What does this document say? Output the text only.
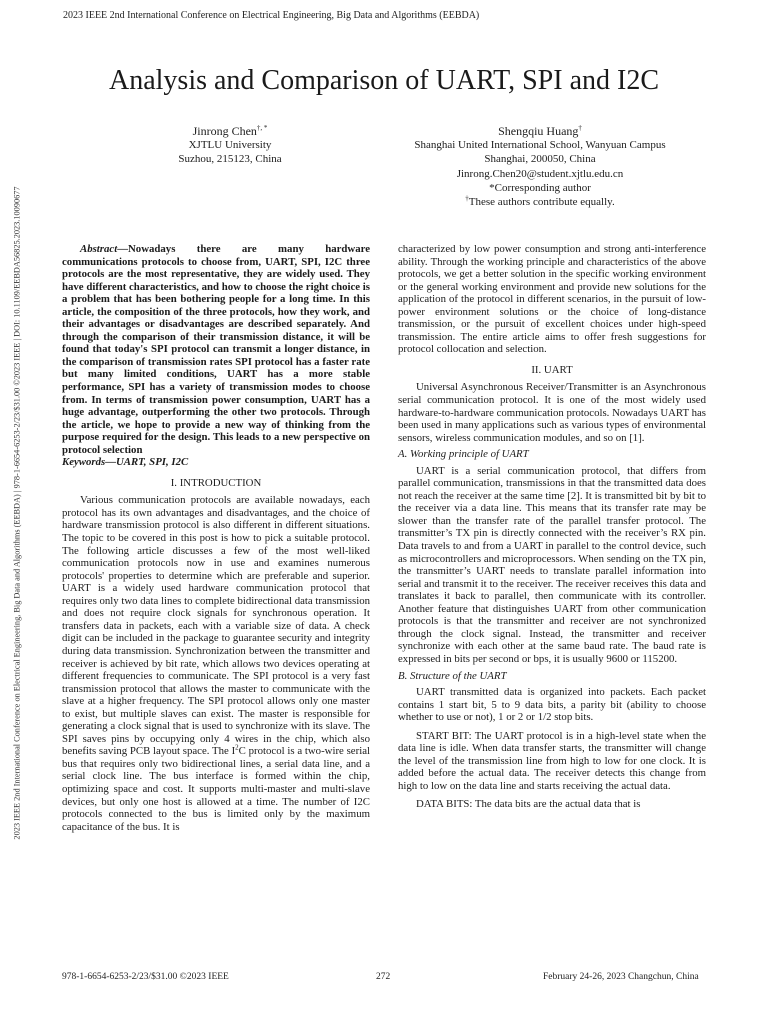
2023 IEEE 2nd International Conference on Electrical Engineering, Big Data and Algorithms (EEBDA)
2023 IEEE 2nd International Conference on Electrical Engineering, Big Data and Algorithms (EEBDA) | 978-1-6654-6253-2/23/$31.00 ©2023 IEEE | DOI: 10.1109/EEBDA56825.2023.10090677
Analysis and Comparison of UART, SPI and I2C
Jinrong Chen†, *
XJTLU University
Suzhou, 215123, China
Shengqiu Huang†
Shanghai United International School, Wanyuan Campus
Shanghai, 200050, China
Jinrong.Chen20@student.xjtlu.edu.cn
*Corresponding author
†These authors contribute equally.

Abstract—Nowadays there are many hardware communications protocols to choose from, UART, SPI, I2C three protocols are the most representative, they are widely used. They have different characteristics, and how to choose the right choice is a problem that has been bothering people for a long time. In this article, the composition of the three protocols, how they work, and their advantages or disadvantages are described separately. And through the comparison of their transmission distance, it will be found that today's SPI protocol can transmit a longer distance, in the comparison of transmission rates SPI protocol has a faster rate but many limited conditions, UART has a more stable performance, SPI has a variety of transmission modes to choose from. In terms of transmission power consumption, UART has a huge advantage, outperforming the other two protocols. Through the article, we hope to provide a new way of thinking from the purpose required for the design. This leads to a new perspective on protocol selection

Keywords—UART, SPI, I2C

I. INTRODUCTION

Various communication protocols are available nowadays, each protocol has its own advantages and disadvantages, and the choice of hardware transmission protocol is also different in different situations. The topic to be covered in this post is how to pick a suitable protocol. The following article discusses a few of the most well-liked communication protocols now in use and examines numerous protocols' properties to determine which are preferable and superior. UART is a widely used hardware communication protocol that requires only two data lines to complete bidirectional data transmission and does not require clock signals for synchronous operation. It transfers data in packets, each with a variable size of data. A check digit can be included in the package to guarantee security and integrity during data transmission. Synchronization between the transmitter and receiver is achieved by bit rate, which allows two devices operating at different frequencies to communicate. The SPI protocol is a very fast transmission protocol that allows the master to communicate with the slave at a higher frequency. The SPI protocol allows only one master to exist, but multiple slaves can exist. The master is responsible for generating a clock signal that is used to synchronize with its slave. The SPI saves pins by occupying only 4 wires in the chip, which also benefits saving PCB layout space. The $I^2C$ protocol is a two-wire serial bus that requires only two bidirectional lines, a serial data line, and a serial clock line. The bus interface is formed within the chip, optimizing space and cost. It supports multi-master and multi-slave devices, but only one host is allowed at a time. The number of I2C protocols connected to the bus is limited only by the maximum capacitance of the bus. It is

characterized by low power consumption and strong anti-interference ability. Through the working principle and characteristics of the above protocols, we get a better solution in the specific working environment or the general working environment and provide new solutions for the application of the protocol in different scenarios, in the pursuit of low-power environment solutions or the choice of long-distance transmission, or the pursuit of excellent choices under high-speed transmission. The entire article aims to offer fresh suggestions for protocol collocation and selection.

II. UART

Universal Asynchronous Receiver/Transmitter is an Asynchronous serial communication protocol. It is one of the most widely used hardware-to-hardware communication protocols. Nowadays UART has been used in many applications such as various types of environmental sensors, wireless communication modules, and so on [1].

A. Working principle of UART

UART is a serial communication protocol, that differs from parallel communication, transmissions in that the transmitted data does not reach the receiver at the same time [2]. It is transmitted bit by bit to the receiver via a data line. This means that its transfer rate may be slower than the transfer rate of the parallel transfer protocol. The transmitter’s TX pin is directly connected with the receiver’s RX pin. Data travels to and from a UART in parallel to the control device, such as microcontrollers and microprocessors. When sending on the TX pin, the transmitter’s UART needs to translate parallel information into serial and transmit it to the receiver. The receiver receives this data and translates it back to parallel, then communicate with its controller. Another feature that distinguishes UART from other communication protocols is that the transmitter and receiver are not synchronized through the clock signal. Instead, the transmitter and receiver synchronize with each other at the same baud rate. The baud rate is expressed in bits per second or bps, it is usually 9600 or 115200.

B. Structure of the UART

UART transmitted data is organized into packets. Each packet contains 1 start bit, 5 to 9 data bits, a parity bit (ability to choose whether to use or not), 1 or 2 or 1/2 stop bits.

START BIT: The UART protocol is in a high-level state when the data line is idle. When data transfer starts, the transmitter will change the level of the transmission line from high to low for one clock. It is added before the actual data. The receiver detects this change from high to low on the data line and starts receiving the actual data.

DATA BITS: The data bits are the actual data that is

978-1-6654-6253-2/23/$31.00 ©2023 IEEE	272	February 24-26, 2023 Changchun, China
